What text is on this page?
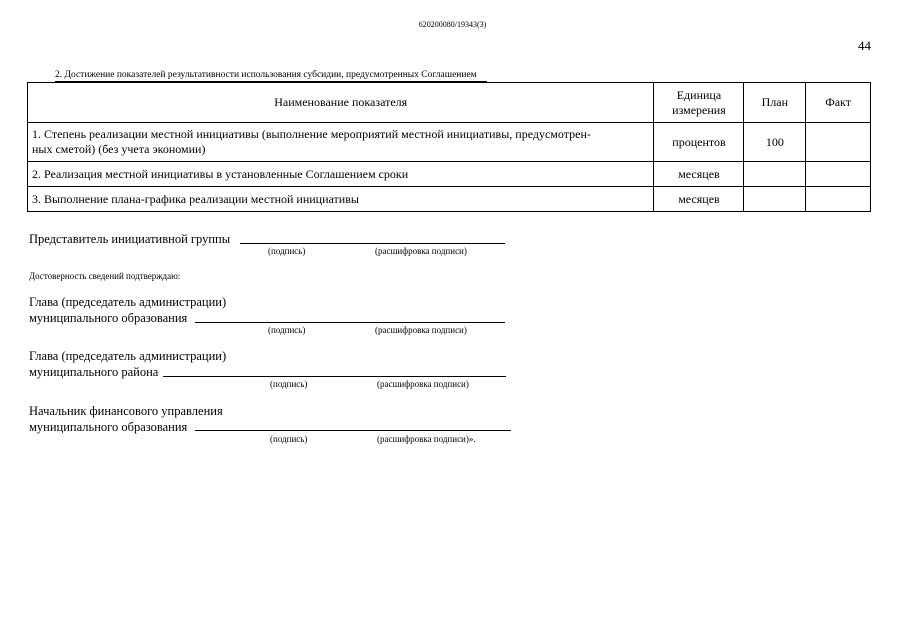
620200080/19343(3)
44
2. Достижение показателей результативности использования субсидии, предусмотренных Соглашением
Наименование показателя	Единица
измерения	План	Факт
1. Степень реализации местной инициативы (выполнение мероприятий местной инициативы, предусмотрен-
ных сметой) (без учета экономии)	процентов	100	
2. Реализация местной инициативы в установленные Соглашением сроки	месяцев		
3. Выполнение плана-графика реализации местной инициативы	месяцев		
Представитель инициативной группы
(подпись)	(расшифровка подписи)
Достоверность сведений подтверждаю:
Глава (председатель администрации)
муниципального образования
(подпись)	(расшифровка подписи)
Глава (председатель администрации)
муниципального района
(подпись)	(расшифровка подписи)
Начальник финансового управления
муниципального образования
(подпись)	(расшифровка подписи)».
